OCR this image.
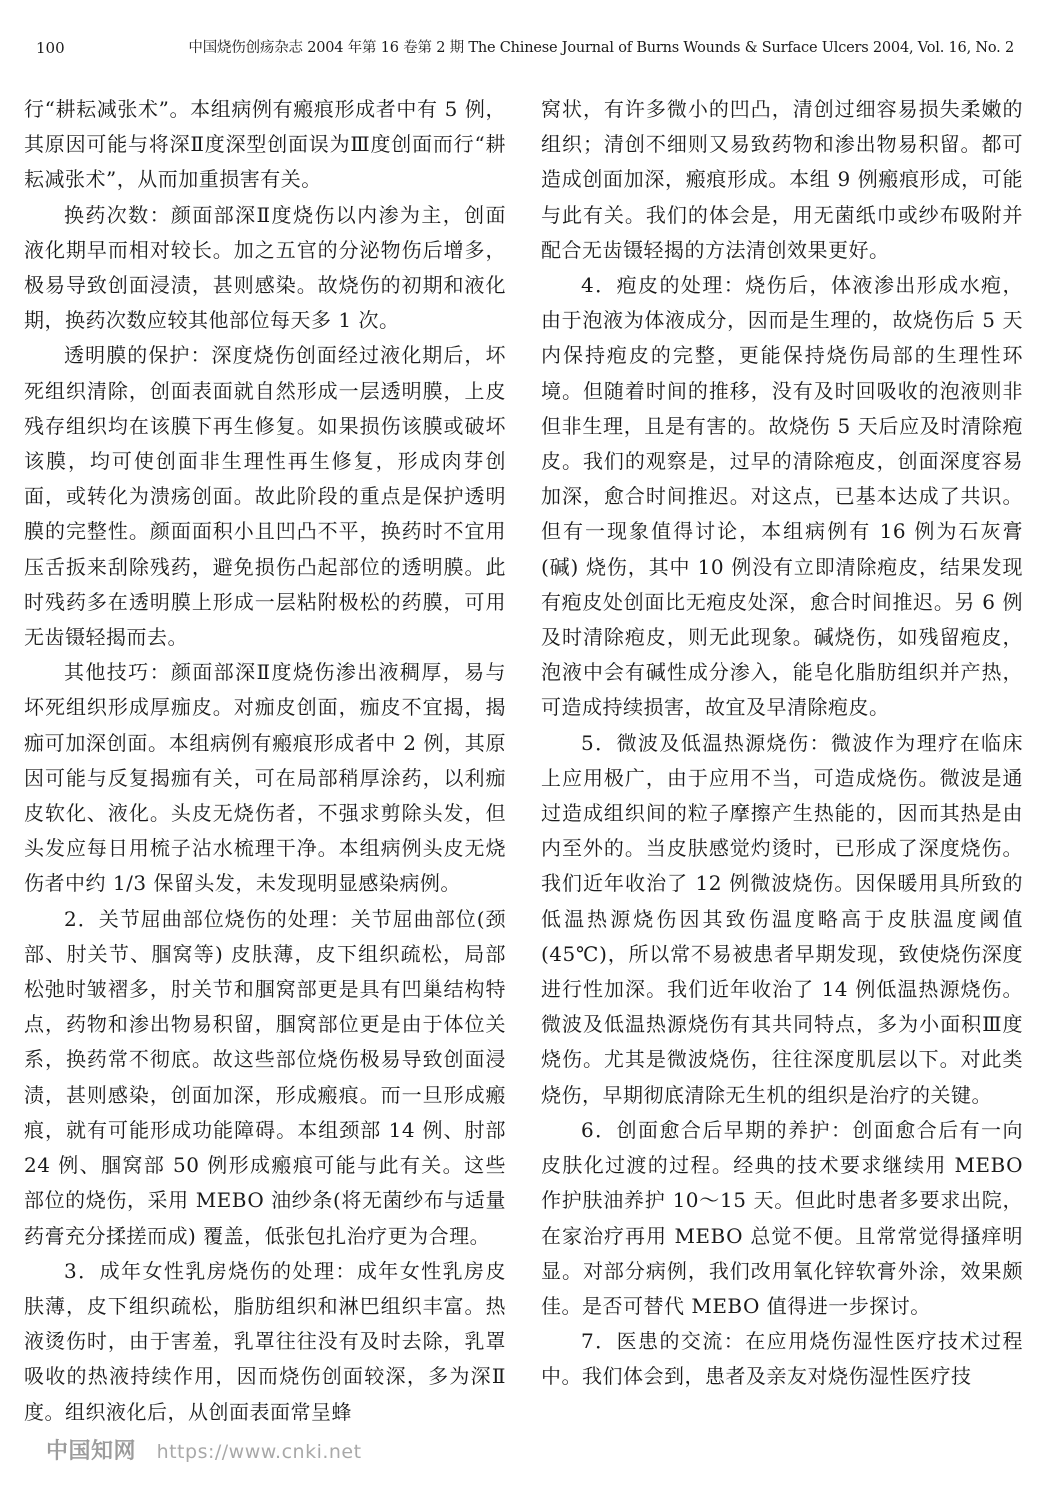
100	中国烧伤创疡杂志 2004 年第 16 卷第 2 期 The Chinese Journal of Burns Wounds & Surface Ulcers 2004, Vol. 16, No. 2

行“耕耘减张术”。本组病例有瘢痕形成者中有 5 例，其原因可能与将深Ⅱ度深型创面误为Ⅲ度创面而行“耕耘减张术”，从而加重损害有关。

换药次数：颜面部深Ⅱ度烧伤以内渗为主，创面液化期早而相对较长。加之五官的分泌物伤后增多，极易导致创面浸渍，甚则感染。故烧伤的初期和液化期，换药次数应较其他部位每天多 1 次。

透明膜的保护：深度烧伤创面经过液化期后，坏死组织清除，创面表面就自然形成一层透明膜，上皮残存组织均在该膜下再生修复。如果损伤该膜或破坏该膜，均可使创面非生理性再生修复，形成肉芽创面，或转化为溃疡创面。故此阶段的重点是保护透明膜的完整性。颜面面积小且凹凸不平，换药时不宜用压舌扳来刮除残药，避免损伤凸起部位的透明膜。此时残药多在透明膜上形成一层粘附极松的药膜，可用无齿镊轻揭而去。

其他技巧：颜面部深Ⅱ度烧伤渗出液稠厚，易与坏死组织形成厚痂皮。对痂皮创面，痂皮不宜揭，揭痂可加深创面。本组病例有瘢痕形成者中 2 例，其原因可能与反复揭痂有关，可在局部稍厚涂药，以利痂皮软化、液化。头皮无烧伤者，不强求剪除头发，但头发应每日用梳子沾水梳理干净。本组病例头皮无烧伤者中约 1/3 保留头发，未发现明显感染病例。

2．关节屈曲部位烧伤的处理：关节屈曲部位(颈部、肘关节、腘窝等) 皮肤薄，皮下组织疏松，局部松弛时皱褶多，肘关节和腘窝部更是具有凹巢结构特点，药物和渗出物易积留，腘窝部位更是由于体位关系，换药常不彻底。故这些部位烧伤极易导致创面浸渍，甚则感染，创面加深，形成瘢痕。而一旦形成瘢痕，就有可能形成功能障碍。本组颈部 14 例、肘部 24 例、腘窝部 50 例形成瘢痕可能与此有关。这些部位的烧伤，采用 MEBO 油纱条(将无菌纱布与适量药膏充分揉搓而成) 覆盖，低张包扎治疗更为合理。

3．成年女性乳房烧伤的处理：成年女性乳房皮肤薄，皮下组织疏松，脂肪组织和淋巴组织丰富。热液烫伤时，由于害羞，乳罩往往没有及时去除，乳罩吸收的热液持续作用，因而烧伤创面较深，多为深Ⅱ度。组织液化后，从创面表面常呈蜂

窝状，有许多微小的凹凸，清创过细容易损失柔嫩的组织；清创不细则又易致药物和渗出物易积留。都可造成创面加深，瘢痕形成。本组 9 例瘢痕形成，可能与此有关。我们的体会是，用无菌纸巾或纱布吸附并配合无齿镊轻揭的方法清创效果更好。

4．疱皮的处理：烧伤后，体液渗出形成水疱，由于泡液为体液成分，因而是生理的，故烧伤后 5 天内保持疱皮的完整，更能保持烧伤局部的生理性环境。但随着时间的推移，没有及时回吸收的泡液则非但非生理，且是有害的。故烧伤 5 天后应及时清除疱皮。我们的观察是，过早的清除疱皮，创面深度容易加深，愈合时间推迟。对这点，已基本达成了共识。但有一现象值得讨论，本组病例有 16 例为石灰膏 (碱) 烧伤，其中 10 例没有立即清除疱皮，结果发现有疱皮处创面比无疱皮处深，愈合时间推迟。另 6 例及时清除疱皮，则无此现象。碱烧伤，如残留疱皮，泡液中会有碱性成分渗入，能皂化脂肪组织并产热，可造成持续损害，故宜及早清除疱皮。

5．微波及低温热源烧伤：微波作为理疗在临床上应用极广，由于应用不当，可造成烧伤。微波是通过造成组织间的粒子摩擦产生热能的，因而其热是由内至外的。当皮肤感觉灼烫时，已形成了深度烧伤。我们近年收治了 12 例微波烧伤。因保暖用具所致的低温热源烧伤因其致伤温度略高于皮肤温度阈值 (45℃)，所以常不易被患者早期发现，致使烧伤深度进行性加深。我们近年收治了 14 例低温热源烧伤。微波及低温热源烧伤有其共同特点，多为小面积Ⅲ度烧伤。尤其是微波烧伤，往往深度肌层以下。对此类烧伤，早期彻底清除无生机的组织是治疗的关键。

6．创面愈合后早期的养护：创面愈合后有一向皮肤化过渡的过程。经典的技术要求继续用 MEBO 作护肤油养护 10～15 天。但此时患者多要求出院，在家治疗再用 MEBO 总觉不便。且常常觉得搔痒明显。对部分病例，我们改用氧化锌软膏外涂，效果颇佳。是否可替代 MEBO 值得进一步探讨。

7．医患的交流：在应用烧伤湿性医疗技术过程中。我们体会到，患者及亲友对烧伤湿性医疗技

中国知网 https://www.cnki.net
